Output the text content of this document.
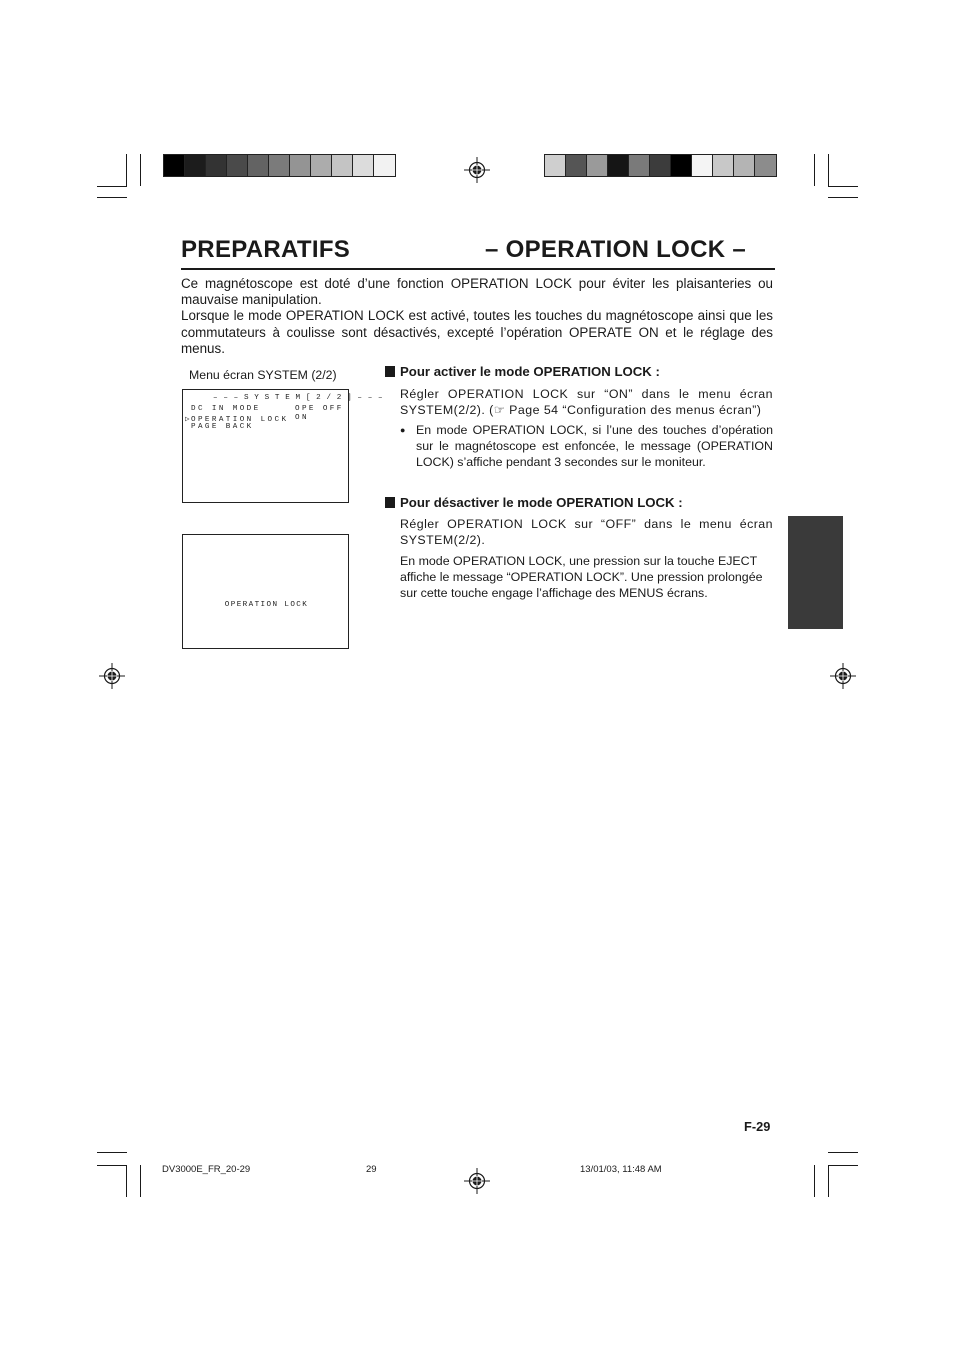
PREPARATIFS	– OPERATION LOCK –

Ce magnétoscope est doté d’une fonction OPERATION LOCK pour éviter les plaisanteries ou mauvaise manipulation.

Lorsque le mode OPERATION LOCK est activé, toutes les touches du magnétoscope ainsi que les commutateurs à coulisse sont désactivés, excepté l’opération OPERATE ON et le réglage des menus.

Menu écran SYSTEM (2/2)
– – – S Y S T E M [ 2 / 2 ] – – –
DC IN MODE	OPE OFF
▷OPERATION LOCK ON
PAGE BACK
OPERATION LOCK
Pour activer le mode OPERATION LOCK :

Régler OPERATION LOCK sur “ON” dans le menu écran SYSTEM(2/2). (☞ Page 54 “Configuration des menus écran”)

● En mode OPERATION LOCK, si l’une des touches d’opération sur le magnétoscope est enfoncée, le message (OPERATION LOCK) s’affiche pendant 3 secondes sur le moniteur.

Pour désactiver le mode OPERATION LOCK :

Régler OPERATION LOCK sur “OFF” dans le menu écran SYSTEM(2/2).

En mode OPERATION LOCK, une pression sur la touche EJECT affiche le message “OPERATION LOCK”. Une pression prolongée sur cette touche engage l’affichage des MENUS écrans.

F-29
DV3000E_FR_20-29	29	13/01/03, 11:48 AM
